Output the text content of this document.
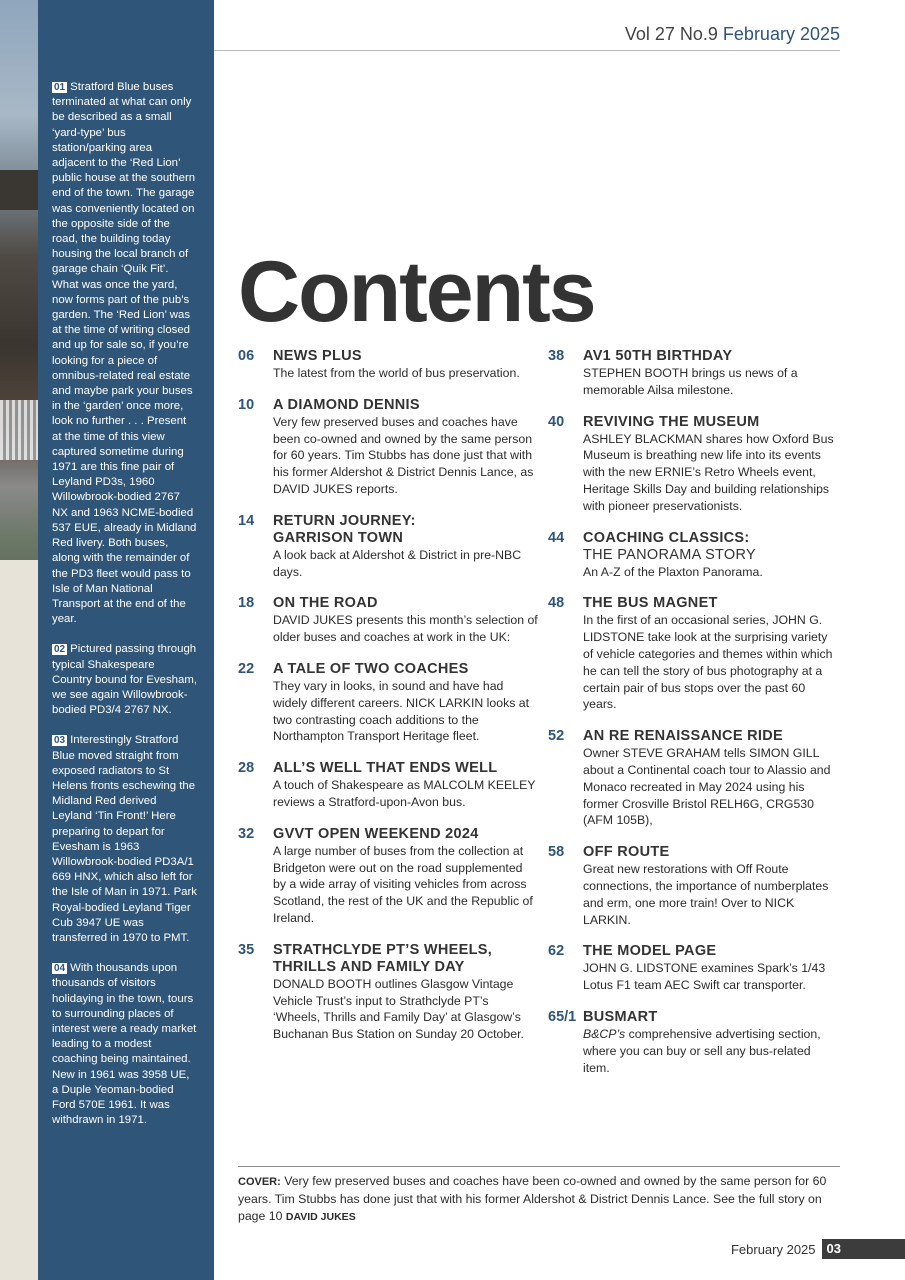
01 Stratford Blue buses terminated at what can only be described as a small ‘yard-type’ bus station/parking area adjacent to the ‘Red Lion’ public house at the southern end of the town. The garage was conveniently located on the opposite side of the road, the building today housing the local branch of garage chain ‘Quik Fit’. What was once the yard, now forms part of the pub’s garden. The ‘Red Lion’ was at the time of writing closed and up for sale so, if you’re looking for a piece of omnibus-related real estate and maybe park your buses in the ‘garden’ once more, look no further . . . Present at the time of this view captured sometime during 1971 are this fine pair of Leyland PD3s, 1960 Willowbrook-bodied 2767 NX and 1963 NCME-bodied 537 EUE, already in Midland Red livery. Both buses, along with the remainder of the PD3 fleet would pass to Isle of Man National Transport at the end of the year.

02 Pictured passing through typical Shakespeare Country bound for Evesham, we see again Willowbrook-bodied PD3/4 2767 NX.

03 Interestingly Stratford Blue moved straight from exposed radiators to St Helens fronts eschewing the Midland Red derived Leyland ‘Tin Front!’ Here preparing to depart for Evesham is 1963 Willowbrook-bodied PD3A/1 669 HNX, which also left for the Isle of Man in 1971. Park Royal-bodied Leyland Tiger Cub 3947 UE was transferred in 1970 to PMT.

04 With thousands upon thousands of visitors holidaying in the town, tours to surrounding places of interest were a ready market leading to a modest coaching being maintained. New in 1961 was 3958 UE, a Duple Yeoman-bodied Ford 570E 1961. It was withdrawn in 1971.

Vol 27 No.9 February 2025
Contents
06 NEWS PLUS
The latest from the world of bus preservation.
10 A DIAMOND DENNIS
Very few preserved buses and coaches have been co-owned and owned by the same person for 60 years. Tim Stubbs has done just that with his former Aldershot & District Dennis Lance, as DAVID JUKES reports.
14 RETURN JOURNEY:
GARRISON TOWN
A look back at Aldershot & District in pre-NBC days.
18 ON THE ROAD
DAVID JUKES presents this month’s selection of older buses and coaches at work in the UK:
22 A TALE OF TWO COACHES
They vary in looks, in sound and have had widely different careers. NICK LARKIN looks at two contrasting coach additions to the Northampton Transport Heritage fleet.
28 ALL’S WELL THAT ENDS WELL
A touch of Shakespeare as MALCOLM KEELEY reviews a Stratford-upon-Avon bus.
32 GVVT OPEN WEEKEND 2024
A large number of buses from the collection at Bridgeton were out on the road supplemented by a wide array of visiting vehicles from across Scotland, the rest of the UK and the Republic of Ireland.
35 STRATHCLYDE PT’S WHEELS, THRILLS AND FAMILY DAY
DONALD BOOTH outlines Glasgow Vintage Vehicle Trust’s input to Strathclyde PT’s ‘Wheels, Thrills and Family Day’ at Glasgow’s Buchanan Bus Station on Sunday 20 October.
38 AV1 50TH BIRTHDAY
STEPHEN BOOTH brings us news of a memorable Ailsa milestone.
40 REVIVING THE MUSEUM
ASHLEY BLACKMAN shares how Oxford Bus Museum is breathing new life into its events with the new ERNIE’s Retro Wheels event, Heritage Skills Day and building relationships with pioneer preservationists.
44 COACHING CLASSICS:
THE PANORAMA STORY
An A-Z of the Plaxton Panorama.
48 THE BUS MAGNET
In the first of an occasional series, JOHN G. LIDSTONE take look at the surprising variety of vehicle categories and themes within which he can tell the story of bus photography at a certain pair of bus stops over the past 60 years.
52 AN RE RENAISSANCE RIDE
Owner STEVE GRAHAM tells SIMON GILL about a Continental coach tour to Alassio and Monaco recreated in May 2024 using his former Crosville Bristol RELH6G, CRG530 (AFM 105B),
58 OFF ROUTE
Great new restorations with Off Route connections, the importance of numberplates and erm, one more train! Over to NICK LARKIN.
62 THE MODEL PAGE
JOHN G. LIDSTONE examines Spark’s 1/43 Lotus F1 team AEC Swift car transporter.
65/1 BUSMART
B&CP’s comprehensive advertising section, where you can buy or sell any bus-related item.
COVER: Very few preserved buses and coaches have been co-owned and owned by the same person for 60 years. Tim Stubbs has done just that with his former Aldershot & District Dennis Lance. See the full story on page 10 DAVID JUKES
February 2025 03
